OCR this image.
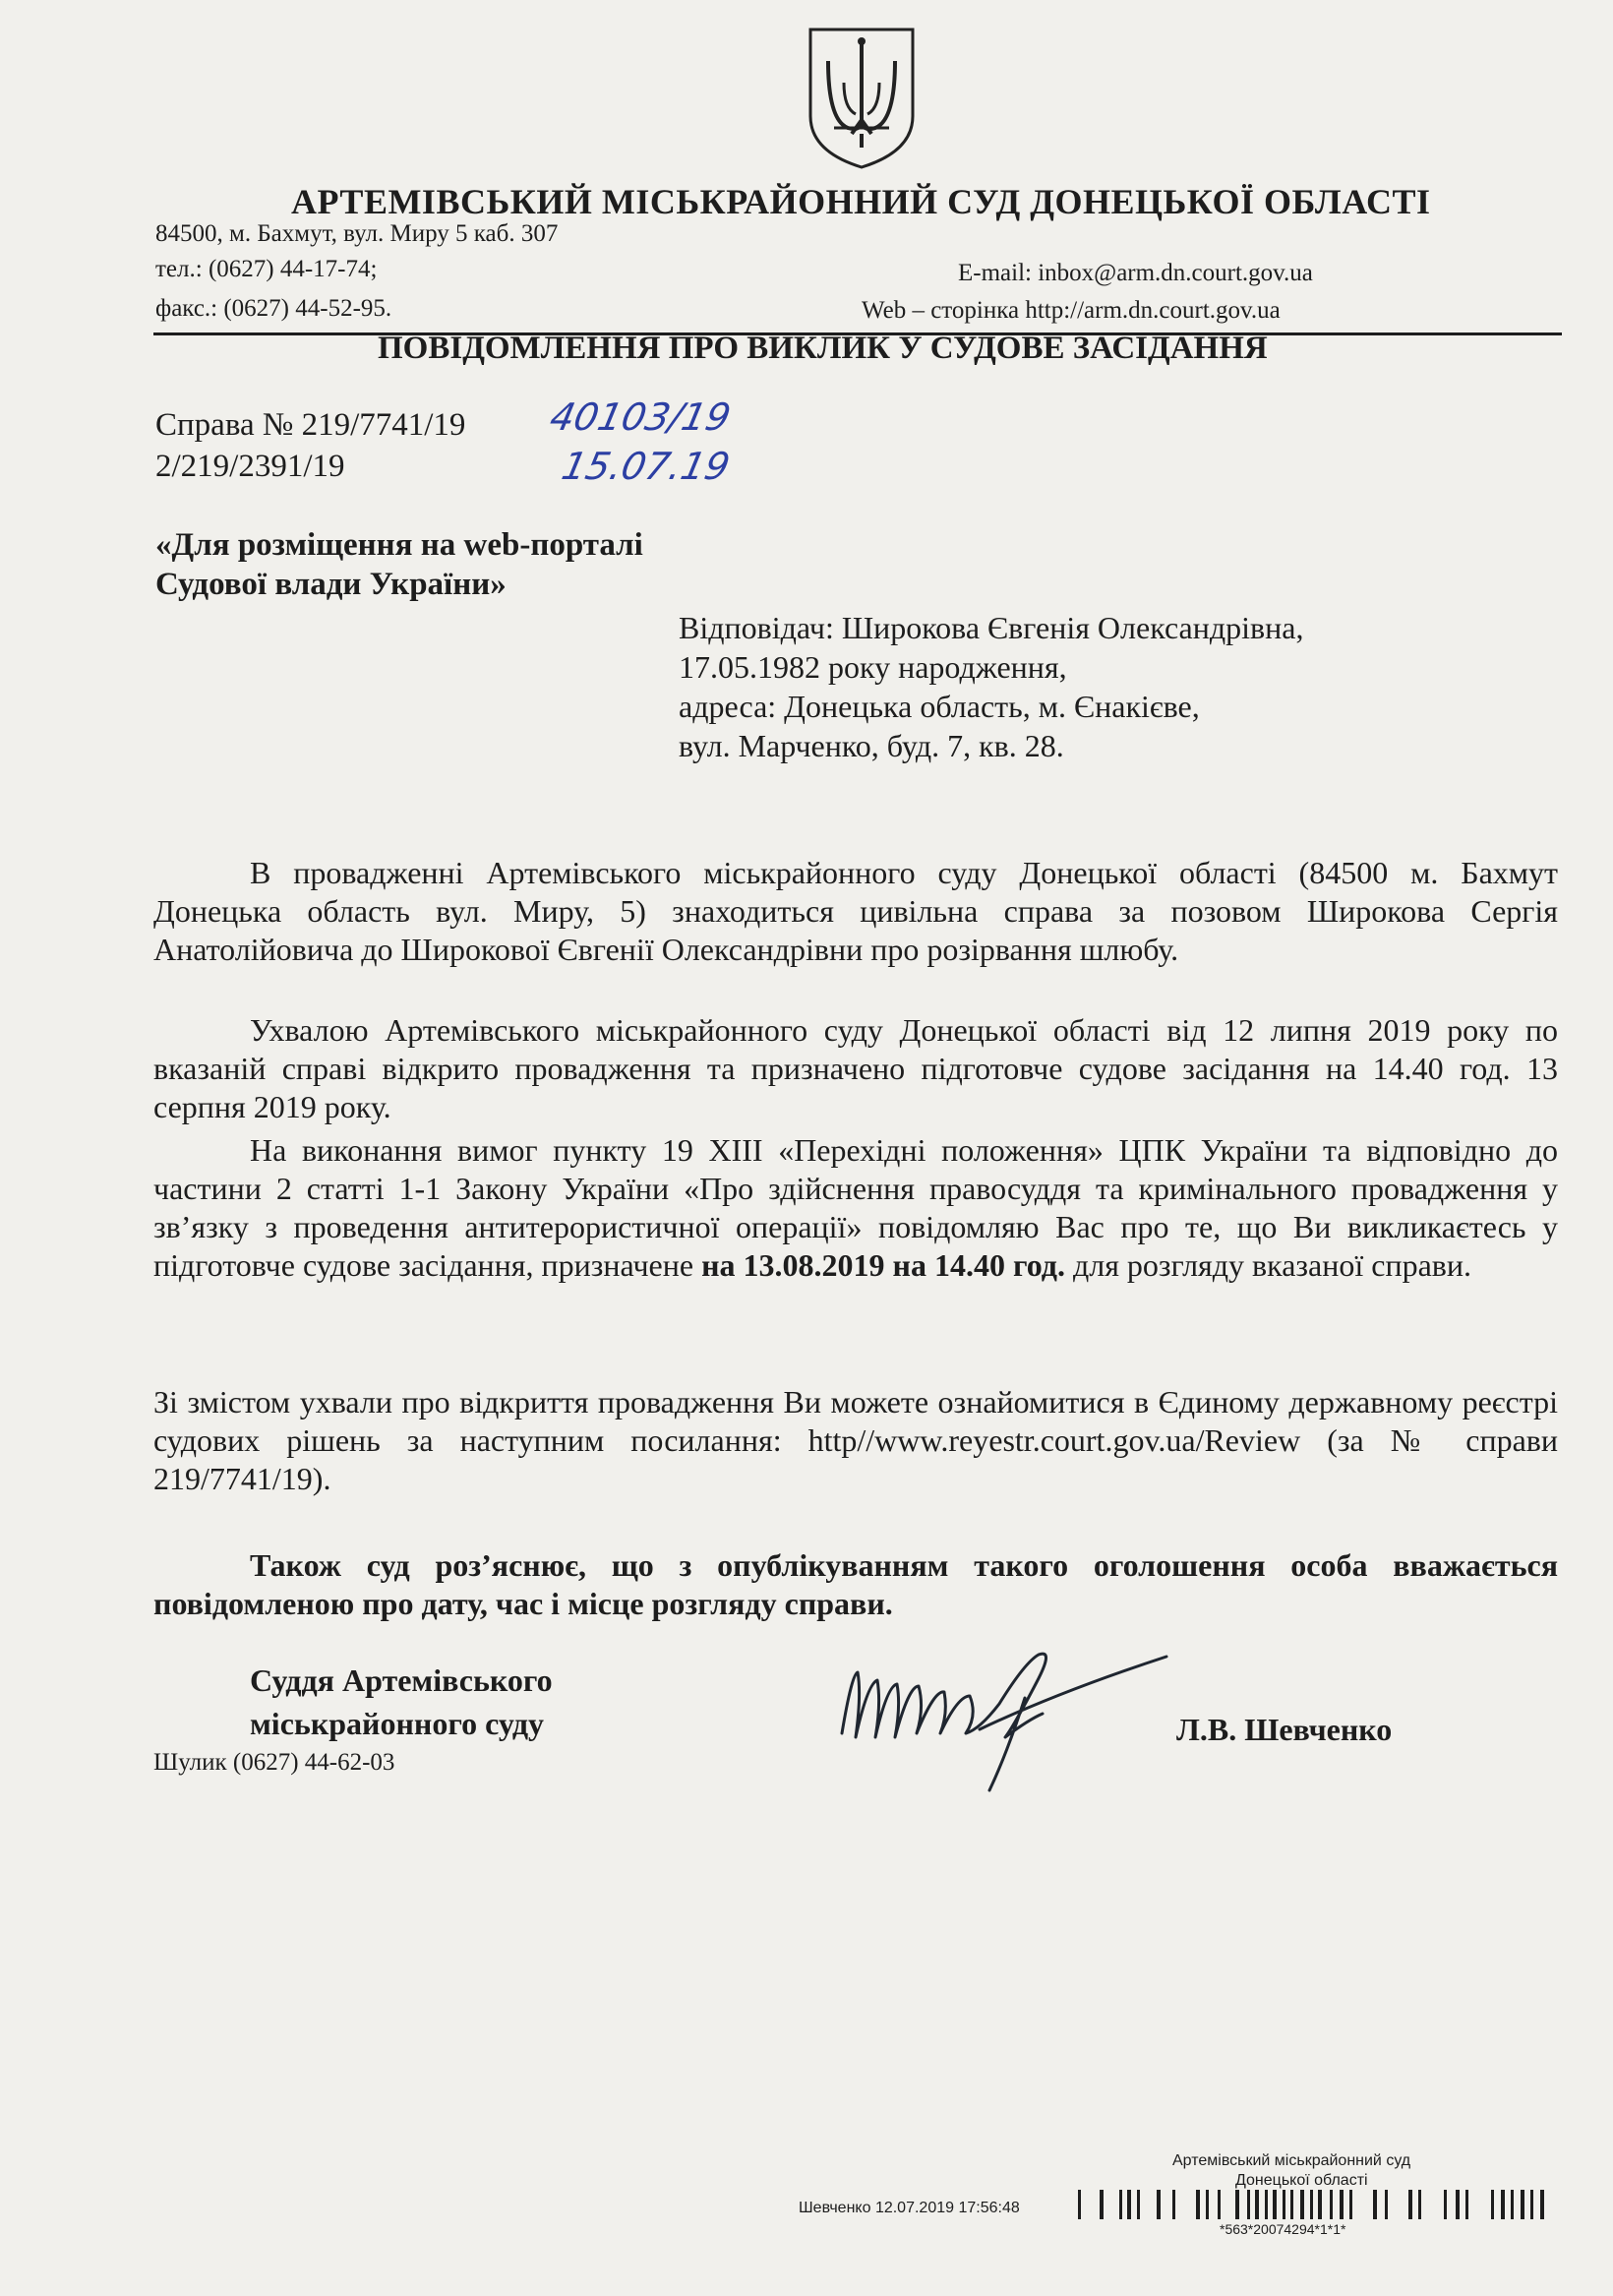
АРТЕМІВСЬКИЙ МІСЬКРАЙОННИЙ СУД ДОНЕЦЬКОЇ ОБЛАСТІ
84500, м. Бахмут, вул. Миру 5 каб. 307
тел.: (0627) 44-17-74;	E-mail: inbox@arm.dn.court.gov.ua
факс.: (0627) 44-52-95.	Web – сторінка http://arm.dn.court.gov.ua
ПОВІДОМЛЕННЯ ПРО ВИКЛИК У СУДОВЕ ЗАСІДАННЯ
Справа № 219/7741/19
2/219/2391/19
40103/19
15.07.19
«Для розміщення на web-порталі
Судової влади України»
Відповідач: Широкова Євгенія Олександрівна,
17.05.1982 року народження,
адреса: Донецька область, м. Єнакієве,
вул. Марченко, буд. 7, кв. 28.
В провадженні Артемівського міськрайонного суду Донецької області (84500 м. Бахмут Донецька область вул. Миру, 5) знаходиться цивільна справа за позовом Широкова Сергія Анатолійовича до Широкової Євгенії Олександрівни про розірвання шлюбу.
Ухвалою Артемівського міськрайонного суду Донецької області від 12 липня 2019 року по вказаній справі відкрито провадження та призначено підготовче судове засідання на 14.40 год. 13 серпня 2019 року.
На виконання вимог пункту 19 ХІІІ «Перехідні положення» ЦПК України та відповідно до частини 2 статті 1-1 Закону України «Про здійснення правосуддя та кримінального провадження у зв’язку з проведення антитерористичної операції» повідомляю Вас про те, що Ви викликаєтесь у підготовче судове засідання, призначене на 13.08.2019 на 14.40 год. для розгляду вказаної справи.
Зі змістом ухвали про відкриття провадження Ви можете ознайомитися в Єдиному державному реєстрі судових рішень за наступним посилання: http//www.reyestr.court.gov.ua/Review (за № справи 219/7741/19).
Також суд роз’яснює, що з опублікуванням такого оголошення особа вважається повідомленою про дату, час і місце розгляду справи.
Суддя Артемівського
міськрайонного суду	Л.В. Шевченко
Шулик (0627) 44-62-03
Артемівський міськрайонний суд
Донецької області
Шевченко 12.07.2019 17:56:48
*563*20074294*1*1*
